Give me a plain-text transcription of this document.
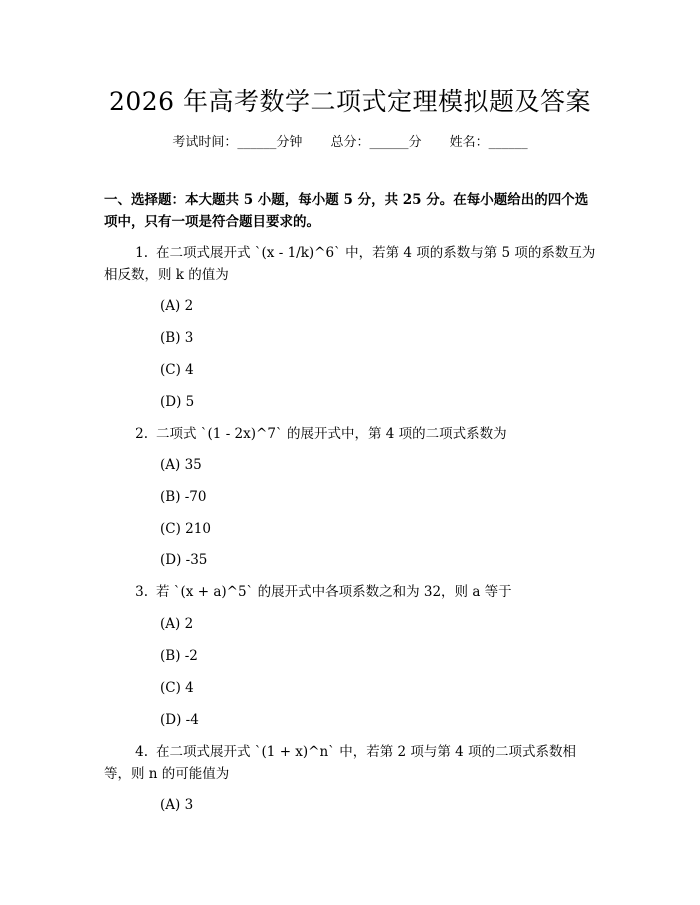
2026 年高考数学二项式定理模拟题及答案
考试时间：______分钟 总分：______分 姓名：______
一、选择题：本大题共 5 小题，每小题 5 分，共 25 分。在每小题给出的四个选项中，只有一项是符合题目要求的。
1. 在二项式展开式 `(x - 1/k)^6` 中，若第 4 项的系数与第 5 项的系数互为相反数，则 k 的值为
(A) 2
(B) 3
(C) 4
(D) 5
2. 二项式 `(1 - 2x)^7` 的展开式中，第 4 项的二项式系数为
(A) 35
(B) -70
(C) 210
(D) -35
3. 若 `(x + a)^5` 的展开式中各项系数之和为 32，则 a 等于
(A) 2
(B) -2
(C) 4
(D) -4
4. 在二项式展开式 `(1 + x)^n` 中，若第 2 项与第 4 项的二项式系数相等，则 n 的可能值为
(A) 3
